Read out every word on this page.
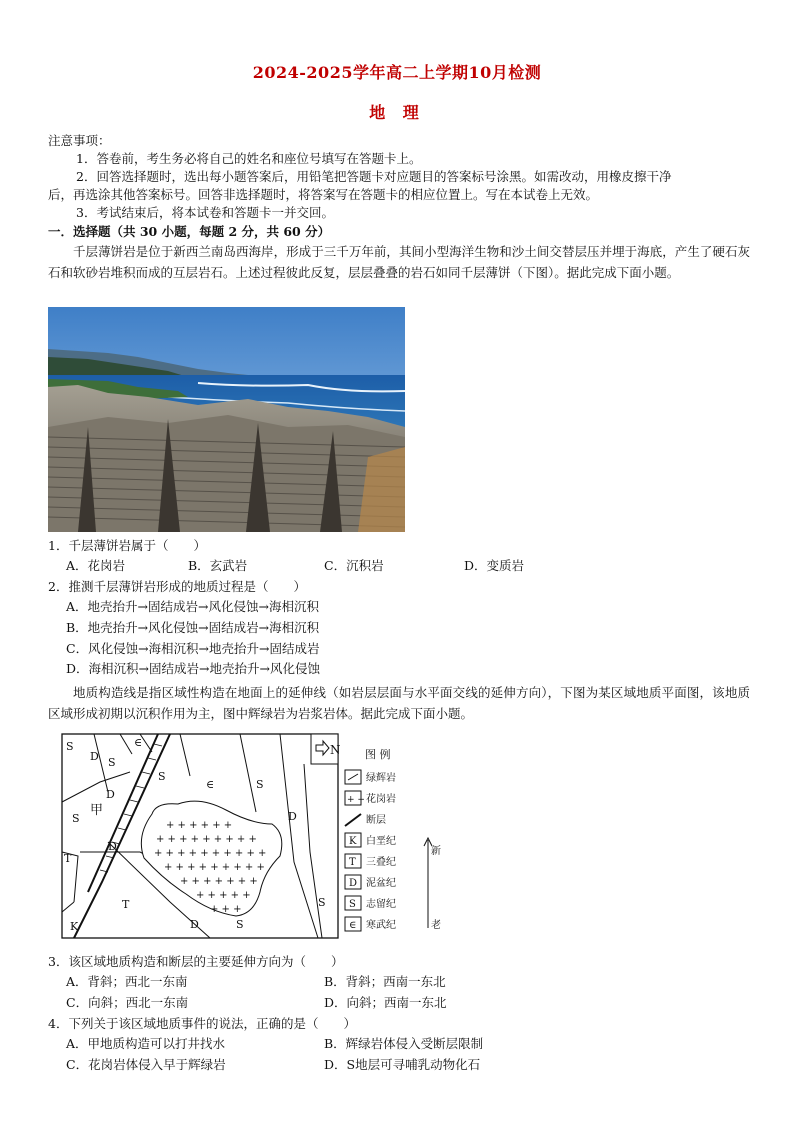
2024-2025学年高二上学期10月检测
地 理
注意事项：
1．答卷前，考生务必将自己的姓名和座位号填写在答题卡上。
2．回答选择题时，选出每小题答案后，用铅笔把答题卡对应题目的答案标号涂黑。如需改动，用橡皮擦干净
后，再选涂其他答案标号。回答非选择题时，将答案写在答题卡的相应位置上。写在本试卷上无效。
3．考试结束后，将本试卷和答题卡一并交回。
一．选择题（共 30 小题，每题 2 分，共 60 分）
千层薄饼岩是位于新西兰南岛西海岸，形成于三千万年前，其间小型海洋生物和沙土间交替层压并埋于海底，产生了硬石灰石和软砂岩堆积而成的互层岩石。上述过程彼此反复，层层叠叠的岩石如同千层薄饼（下图）。据此完成下面小题。
1．千层薄饼岩属于（　　）
A．花岗岩	B．玄武岩	C．沉积岩	D．变质岩
2．推测千层薄饼岩形成的地质过程是（　　）
A．地壳抬升→固结成岩→风化侵蚀→海相沉积
B．地壳抬升→风化侵蚀→固结成岩→海相沉积
C．风化侵蚀→海相沉积→地壳抬升→固结成岩
D．海相沉积→固结成岩→地壳抬升→风化侵蚀
地质构造线是指区域性构造在地面上的延伸线（如岩层层面与水平面交线的延伸方向），下图为某区域地质平面图，该地质区域形成初期以沉积作用为主，图中辉绿岩为岩浆岩体。据此完成下面小题。
N
+ + + + + +
+ + + + + + + + +
+ + + + + + + + + +
+ + + + + + + + +
+ + + + + + +
+ + + + +
+ + +
S
D S
∈
S
∈	S
D
S
D
甲
S
D
T
T
K	D	S
图 例
绿辉岩
+ + 花岗岩
断层
K 白垩纪
T 三叠纪
D 泥盆纪
S 志留纪
∈ 寒武纪
新
老
3．该区域地质构造和断层的主要延伸方向为（　　）
A．背斜；西北一东南	B．背斜；西南一东北
C．向斜；西北一东南	D．向斜；西南一东北
4．下列关于该区域地质事件的说法，正确的是（　　）
A．甲地质构造可以打井找水	B．辉绿岩体侵入受断层限制
C．花岗岩体侵入早于辉绿岩	D．S地层可寻哺乳动物化石
